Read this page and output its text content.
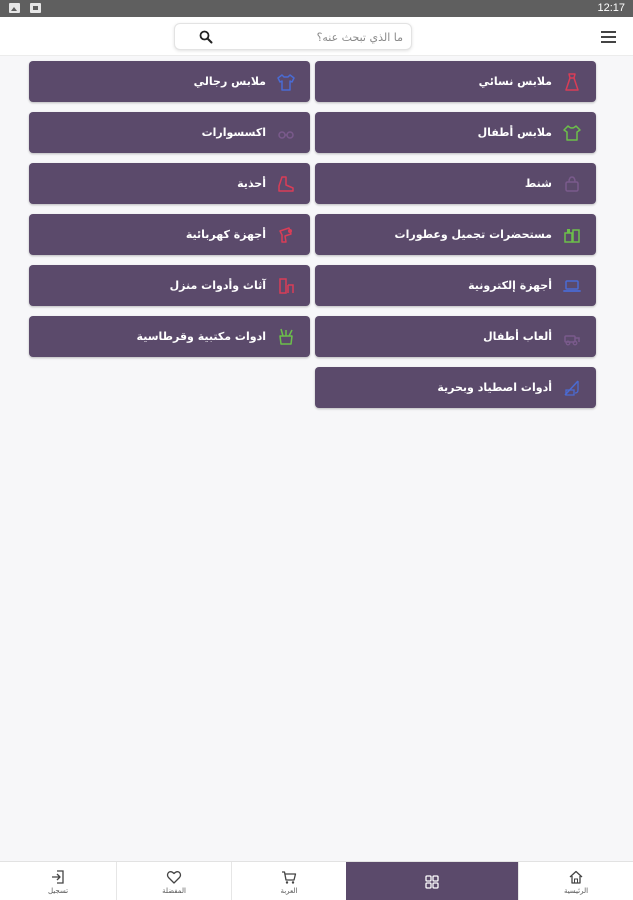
12:17
ما الذي تبحث عنه؟
ملابس نسائي
ملابس رجالي
ملابس أطفال
اكسسوارات
شنط
أحذية
مستحضرات تجميل وعطورات
أجهزة كهربائية
أجهزة إلكترونية
آثاث وأدوات منزل
ألعاب أطفال
ادوات مكتبية وقرطاسية
أدوات اصطياد وبحرية
الرئيسية
العربة
المفضلة
تسجيل
